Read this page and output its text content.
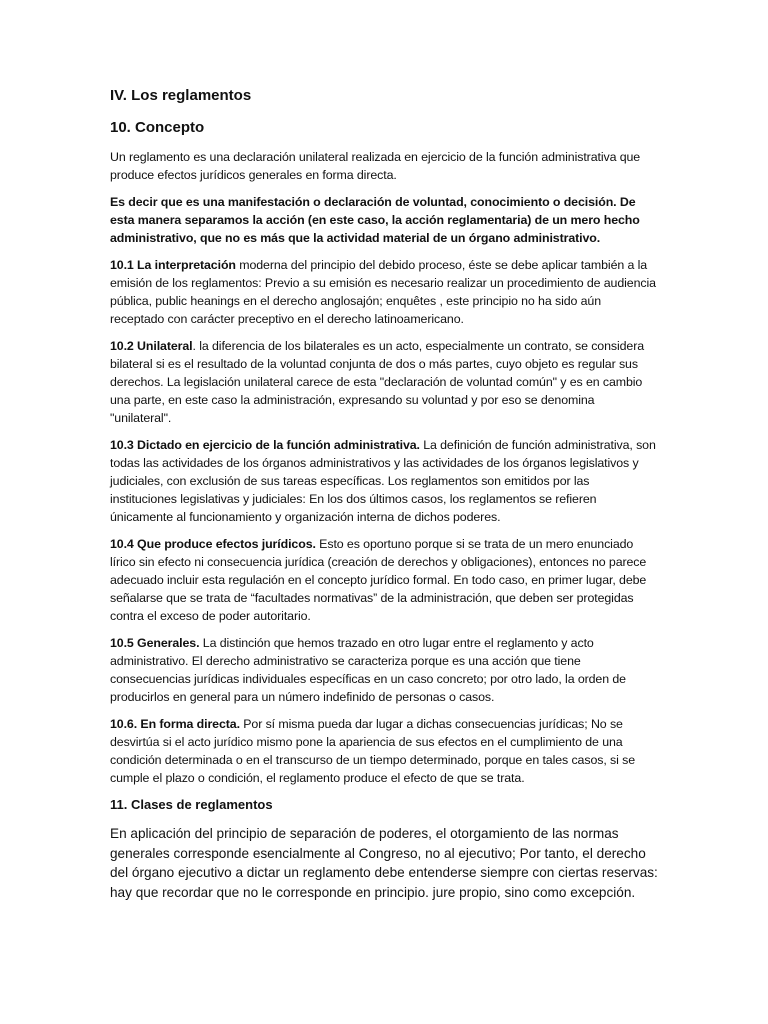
IV. Los reglamentos
10. Concepto

Un reglamento es una declaración unilateral realizada en ejercicio de la función administrativa que produce efectos jurídicos generales en forma directa.

Es decir que es una manifestación o declaración de voluntad, conocimiento o decisión. De esta manera separamos la acción (en este caso, la acción reglamentaria) de un mero hecho administrativo, que no es más que la actividad material de un órgano administrativo.

10.1 La interpretación moderna del principio del debido proceso, éste se debe aplicar también a la emisión de los reglamentos: Previo a su emisión es necesario realizar un procedimiento de audiencia pública, public heanings en el derecho anglosajón; enquêtes , este principio no ha sido aún receptado con carácter preceptivo en el derecho latinoamericano.

10.2 Unilateral. la diferencia de los bilaterales es un acto, especialmente un contrato, se considera bilateral si es el resultado de la voluntad conjunta de dos o más partes, cuyo objeto es regular sus derechos. La legislación unilateral carece de esta "declaración de voluntad común" y es en cambio una parte, en este caso la administración, expresando su voluntad y por eso se denomina "unilateral".

10.3 Dictado en ejercicio de la función administrativa. La definición de función administrativa, son todas las actividades de los órganos administrativos y las actividades de los órganos legislativos y judiciales, con exclusión de sus tareas específicas. Los reglamentos son emitidos por las instituciones legislativas y judiciales: En los dos últimos casos, los reglamentos se refieren únicamente al funcionamiento y organización interna de dichos poderes.

10.4 Que produce efectos jurídicos. Esto es oportuno porque si se trata de un mero enunciado lírico sin efecto ni consecuencia jurídica (creación de derechos y obligaciones), entonces no parece adecuado incluir esta regulación en el concepto jurídico formal. En todo caso, en primer lugar, debe señalarse que se trata de “facultades normativas” de la administración, que deben ser protegidas contra el exceso de poder autoritario.

10.5 Generales. La distinción que hemos trazado en otro lugar entre el reglamento y acto administrativo. El derecho administrativo se caracteriza porque es una acción que tiene consecuencias jurídicas individuales específicas en un caso concreto; por otro lado, la orden de producirlos en general para un número indefinido de personas o casos.

10.6. En forma directa. Por sí misma pueda dar lugar a dichas consecuencias jurídicas; No se desvirtúa si el acto jurídico mismo pone la apariencia de sus efectos en el cumplimiento de una condición determinada o en el transcurso de un tiempo determinado, porque en tales casos, si se cumple el plazo o condición, el reglamento produce el efecto de que se trata.

11. Clases de reglamentos

En aplicación del principio de separación de poderes, el otorgamiento de las normas generales corresponde esencialmente al Congreso, no al ejecutivo; Por tanto, el derecho del órgano ejecutivo a dictar un reglamento debe entenderse siempre con ciertas reservas: hay que recordar que no le corresponde en principio. jure propio, sino como excepción.
